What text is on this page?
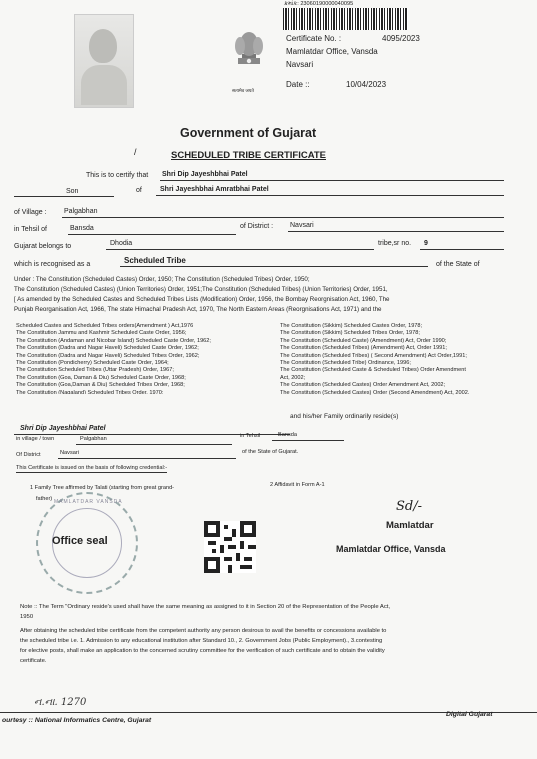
सत्यमेव जयते
ક્રમાંક: 23060190000040095
Certificate No. :	4095/2023
Mamlatdar Office, Vansda
Navsari
Date ::	10/04/2023
Government of Gujarat
SCHEDULED TRIBE CERTIFICATE
/
This is to certify that Shri Dip Jayeshbhai Patel
Son	of	Shri Jayeshbhai Amratbhai Patel
of Village : Palgabhan
in Tehsil of	Bansda	of District : Navsari
Gujarat belongs to	Dhodia	tribe,sr no. 9
which is recognised as a	Scheduled Tribe	of the State of
Under : The Constitution (Scheduled Castes) Order, 1950; The Constitution (Scheduled Tribes) Order, 1950;
The Constitution (Scheduled Castes) (Union Territories) Order, 1951;The Constitution (Scheduled Tribes) (Union Territories) Order, 1951,
[ As amended by the Scheduled Castes and Scheduled Tribes Lists (Modification) Order, 1956, the Bombay Reorgnisation Act, 1960, The
Punjab Reorganisation Act, 1966, The state Himachal Pradesh Act, 1970, The North Eastern Areas (Reorgnisations Act, 1971) and the
Scheduled Castes and Scheduled Tribes orders(Amendment ) Act,1976
The Constitution Jammu and Kashmir Scheduled Caste Order, 1956;
The Constitution (Andaman and Nicobar Island) Scheduled Caste Order, 1962;
The Constitution (Dadra and Nagar Haveli) Scheduled Caste Order, 1962;
The Constitution (Dadra and Nagar Haveli) Scheduled Tribes Order, 1962;
The Constitution (Pondicherry) Scheduled Caste Order, 1964;
The Constitution Scheduled Tribes (Uttar Pradesh) Order, 1967;
The Constitution (Goa, Daman & Diu) Scheduled Caste Order, 1968;
The Constitution (Goa,Daman & Diu) Scheduled Tribes Order, 1968;
The Constitution (Nagaland) Scheduled Tribes Order, 1970;
The Constitution (Sikkim) Scheduled Castes Order, 1978;
The Constitution (Sikkim) Scheduled Tribes Order, 1978;
The Constitution (Scheduled Caste) (Amendment) Act, Order 1990;
The Constitution (Scheduled Tribes) (Amendment) Act, Order 1991;
The Constitution (Scheduled Tribes) ( Second Amendment) Act Order,1991;
The Constitution (Scheduled Tribe) Ordinance, 1996;
The Constitution (Scheduled Caste & Scheduled Tribes) Order Amendment
Act, 2002;
The Constitution (Scheduled Castes) Order Amendment Act, 2002;
The Constitution (Scheduled Castes) Order (Second Amendment) Act, 2002.
and his/her Family ordinarily reside(s)
Shri Dip Jayeshbhai Patel
in village / town	Palgabhan	in Tehsil	Bansda
Of District	Navsari	of the State of Gujarat.
This Certificate is issued on the basis of following credential:-
1 Family Tree affirmed by Talati (starting from great grand-
father)
2 Affidavit in Form A-1
MAMLATDAR VANSDA
Office seal
Sd/-
Mamlatdar
Mamlatdar Office, Vansda
Note :: The Term "Ordinary reside's used shall have the same meaning as assigned to it in Section 20 of the Representation of the People Act,
1950
After obtaining the scheduled tribe certificate from the competent authority any person desirous to avail the benefits or concessions available to
the scheduled tribe i.e. 1. Admission to any educational institution after Standard 10., 2. Government Jobs (Public Employment)., 3.contesting
for elective posts, shall make an application to the concerned scrutiny committee for the verification of such certificate and to obtain the validity
certificate.
ન.ના. 1270
ourtesy :: National Informatics Centre, Gujarat
Digital Gujarat
